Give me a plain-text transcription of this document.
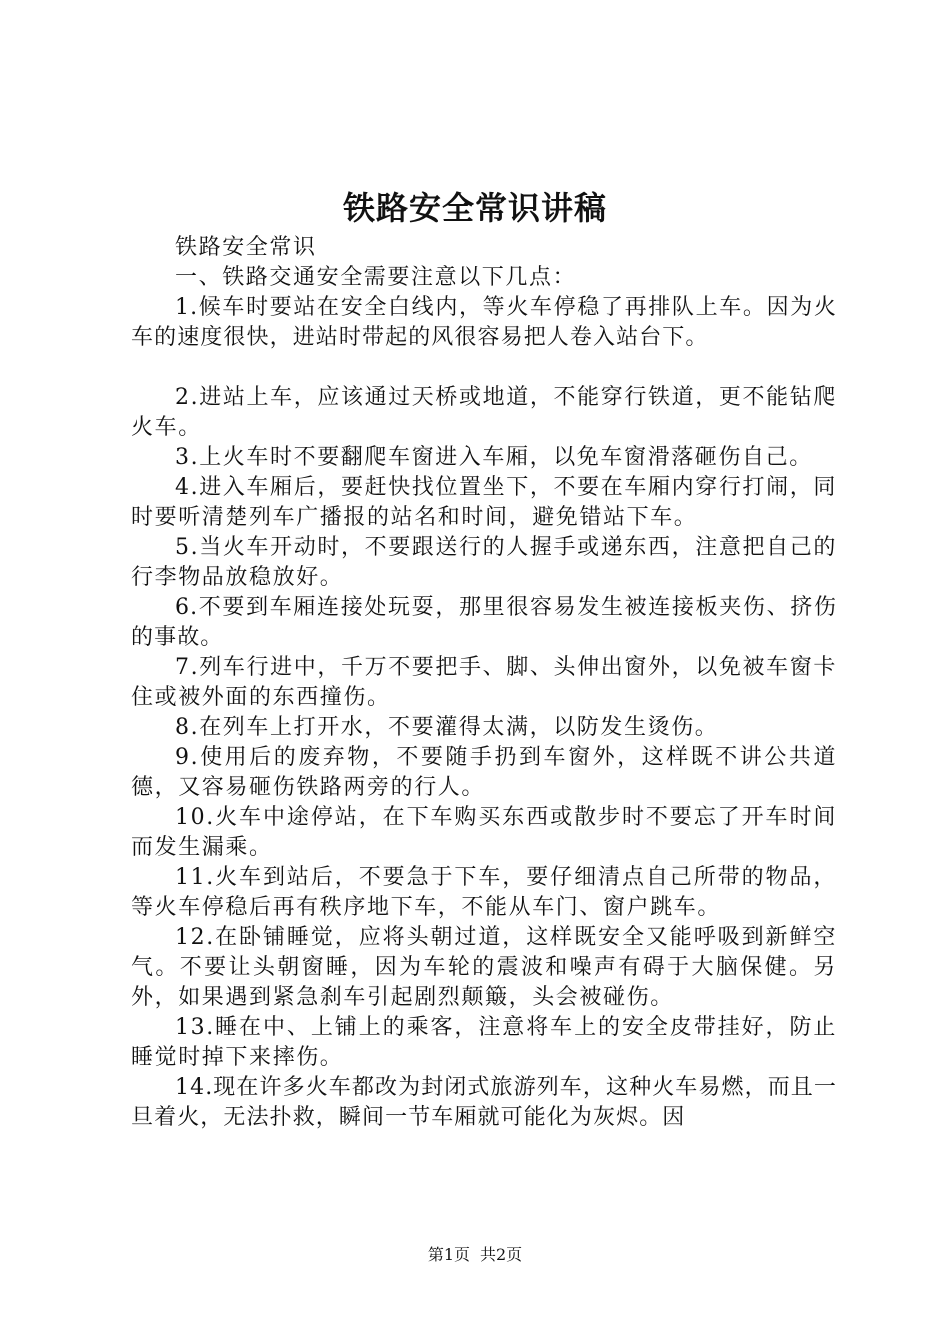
铁路安全常识讲稿

铁路安全常识

一、铁路交通安全需要注意以下几点：

1.候车时要站在安全白线内，等火车停稳了再排队上车。因为火车的速度很快，进站时带起的风很容易把人卷入站台下。

2.进站上车，应该通过天桥或地道，不能穿行铁道，更不能钻爬火车。

3.上火车时不要翻爬车窗进入车厢，以免车窗滑落砸伤自己。

4.进入车厢后，要赶快找位置坐下，不要在车厢内穿行打闹，同时要听清楚列车广播报的站名和时间，避免错站下车。

5.当火车开动时，不要跟送行的人握手或递东西，注意把自己的行李物品放稳放好。

6.不要到车厢连接处玩耍，那里很容易发生被连接板夹伤、挤伤的事故。

7.列车行进中，千万不要把手、脚、头伸出窗外，以免被车窗卡住或被外面的东西撞伤。

8.在列车上打开水，不要灌得太满，以防发生烫伤。

9.使用后的废弃物，不要随手扔到车窗外，这样既不讲公共道德，又容易砸伤铁路两旁的行人。

10.火车中途停站，在下车购买东西或散步时不要忘了开车时间而发生漏乘。

11.火车到站后，不要急于下车，要仔细清点自己所带的物品，等火车停稳后再有秩序地下车，不能从车门、窗户跳车。

12.在卧铺睡觉，应将头朝过道，这样既安全又能呼吸到新鲜空气。不要让头朝窗睡，因为车轮的震波和噪声有碍于大脑保健。另外，如果遇到紧急刹车引起剧烈颠簸，头会被碰伤。

13.睡在中、上铺上的乘客，注意将车上的安全皮带挂好，防止睡觉时掉下来摔伤。

14.现在许多火车都改为封闭式旅游列车，这种火车易燃，而且一旦着火，无法扑救，瞬间一节车厢就可能化为灰烬。因

第1页 共2页
